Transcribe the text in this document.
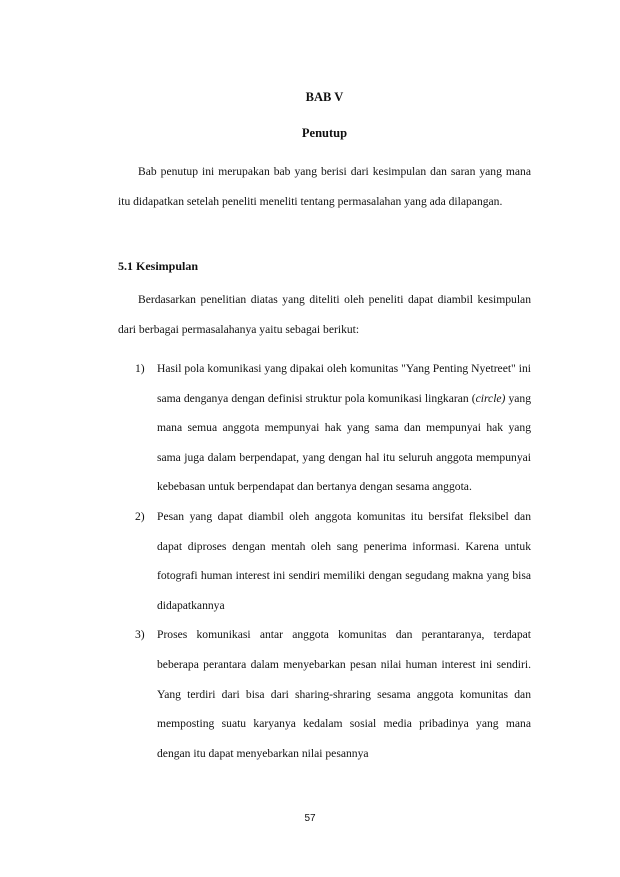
BAB V

Penutup

Bab penutup ini merupakan bab yang berisi dari kesimpulan dan saran yang mana itu didapatkan setelah peneliti meneliti tentang permasalahan yang ada dilapangan.

5.1 Kesimpulan

Berdasarkan penelitian diatas yang diteliti oleh peneliti dapat diambil kesimpulan dari berbagai permasalahanya yaitu sebagai berikut:

1) Hasil pola komunikasi yang dipakai oleh komunitas "Yang Penting Nyetreet" ini sama denganya dengan definisi struktur pola komunikasi lingkaran (circle) yang mana semua anggota mempunyai hak yang sama dan mempunyai hak yang sama juga dalam berpendapat, yang dengan hal itu seluruh anggota mempunyai kebebasan untuk berpendapat dan bertanya dengan sesama anggota.
2) Pesan yang dapat diambil oleh anggota komunitas itu bersifat fleksibel dan dapat diproses dengan mentah oleh sang penerima informasi. Karena untuk fotografi human interest ini sendiri memiliki dengan segudang makna yang bisa didapatkannya
3) Proses komunikasi antar anggota komunitas dan perantaranya, terdapat beberapa perantara dalam menyebarkan pesan nilai human interest ini sendiri. Yang terdiri dari bisa dari sharing-shraring sesama anggota komunitas dan memposting suatu karyanya kedalam sosial media pribadinya yang mana dengan itu dapat menyebarkan nilai pesannya

57
